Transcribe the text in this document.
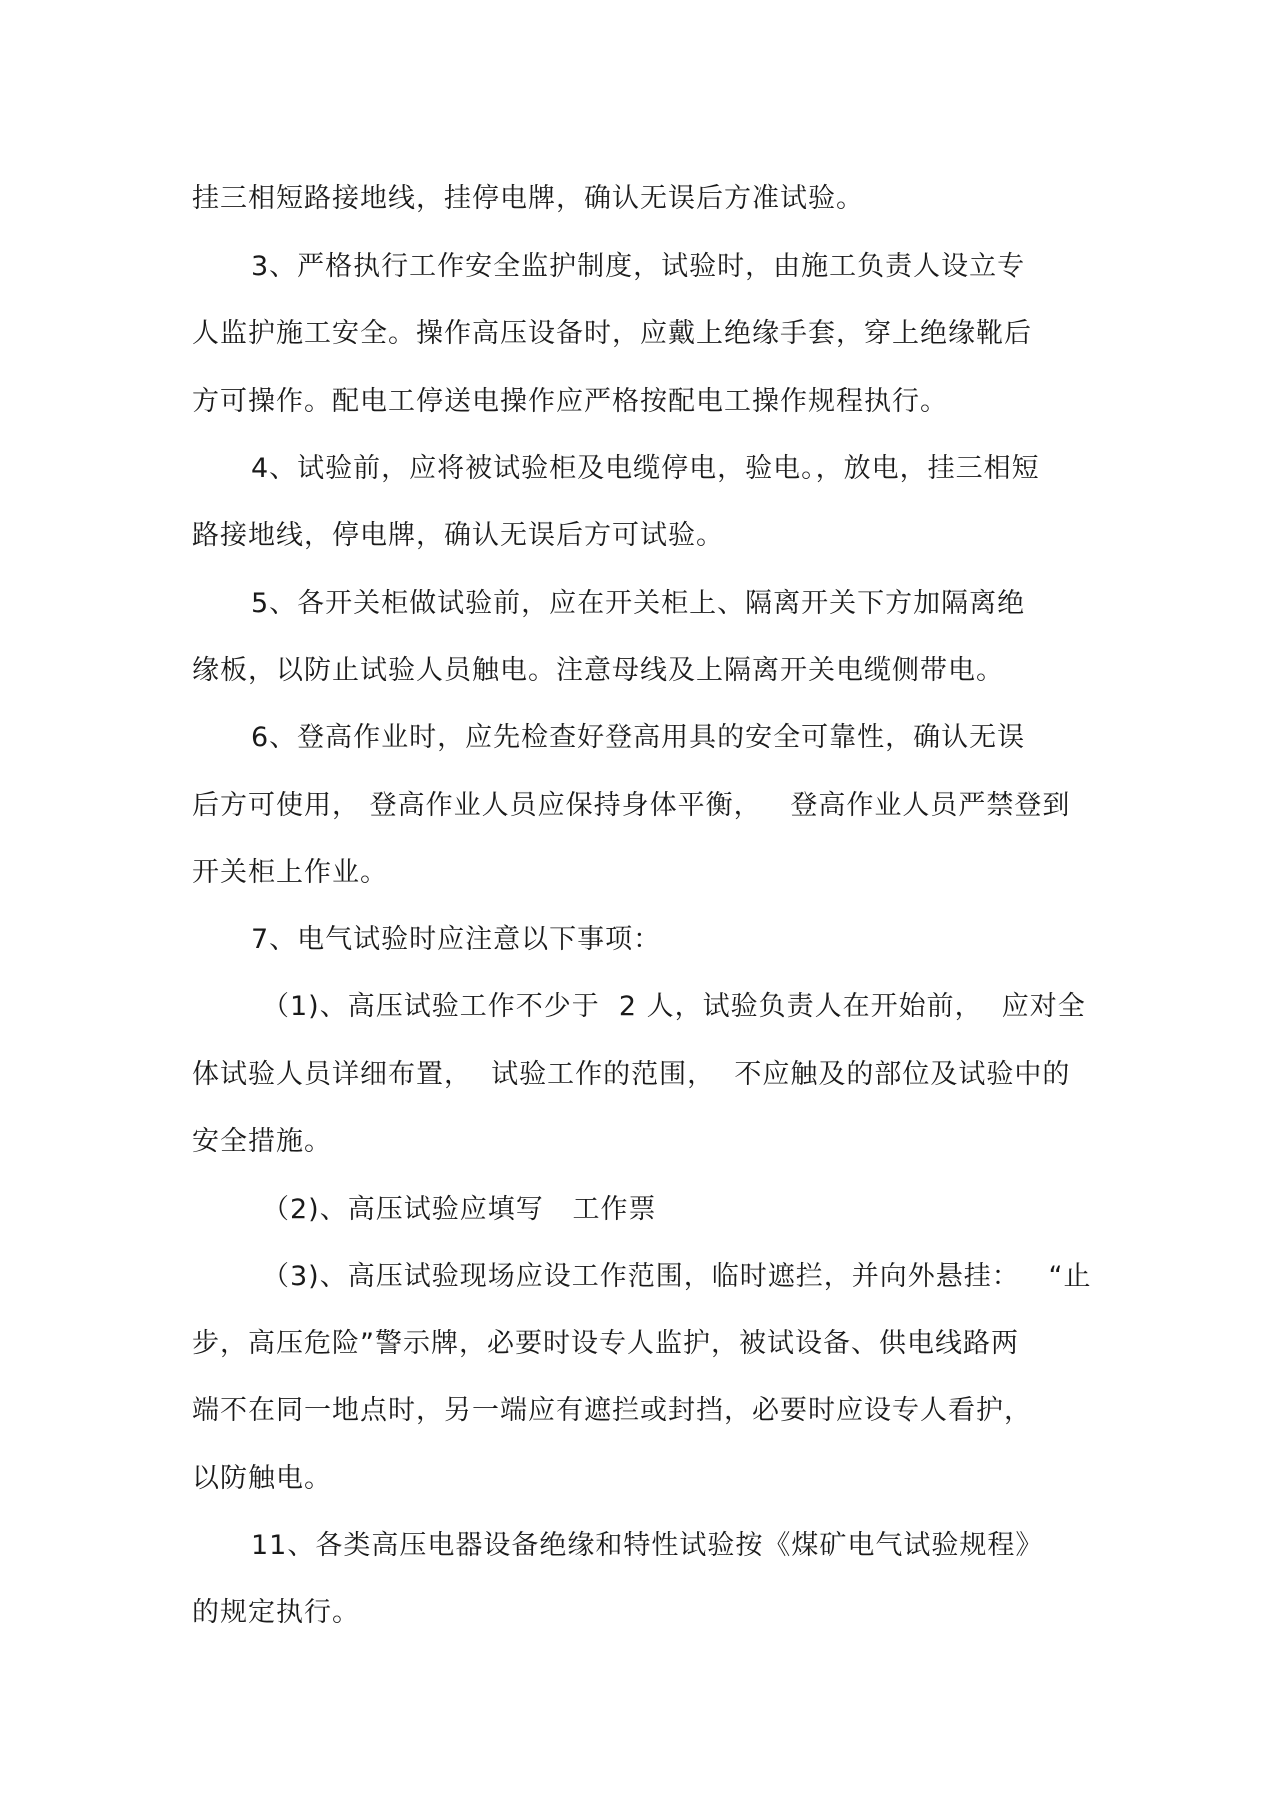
挂三相短路接地线，挂停电牌，确认无误后方准试验。
3、严格执行工作安全监护制度，试验时，由施工负责人设立专
人监护施工安全。操作高压设备时，应戴上绝缘手套，穿上绝缘靴后
方可操作。配电工停送电操作应严格按配电工操作规程执行。
4、试验前，应将被试验柜及电缆停电，验电。，放电，挂三相短
路接地线，停电牌，确认无误后方可试验。
5、各开关柜做试验前，应在开关柜上、隔离开关下方加隔离绝
缘板，以防止试验人员触电。注意母线及上隔离开关电缆侧带电。
6、登高作业时，应先检查好登高用具的安全可靠性，确认无误
后方可使用， 登高作业人员应保持身体平衡，   登高作业人员严禁登到
开关柜上作业。
7、电气试验时应注意以下事项：
（1)、高压试验工作不少于  2 人，试验负责人在开始前，  应对全
体试验人员详细布置，  试验工作的范围，  不应触及的部位及试验中的
安全措施。
（2)、高压试验应填写   工作票
（3)、高压试验现场应设工作范围，临时遮拦，并向外悬挂：   “止
步，高压危险”警示牌，必要时设专人监护，被试设备、供电线路两
端不在同一地点时，另一端应有遮拦或封挡，必要时应设专人看护，
以防触电。
11、各类高压电器设备绝缘和特性试验按《煤矿电气试验规程》
的规定执行。
